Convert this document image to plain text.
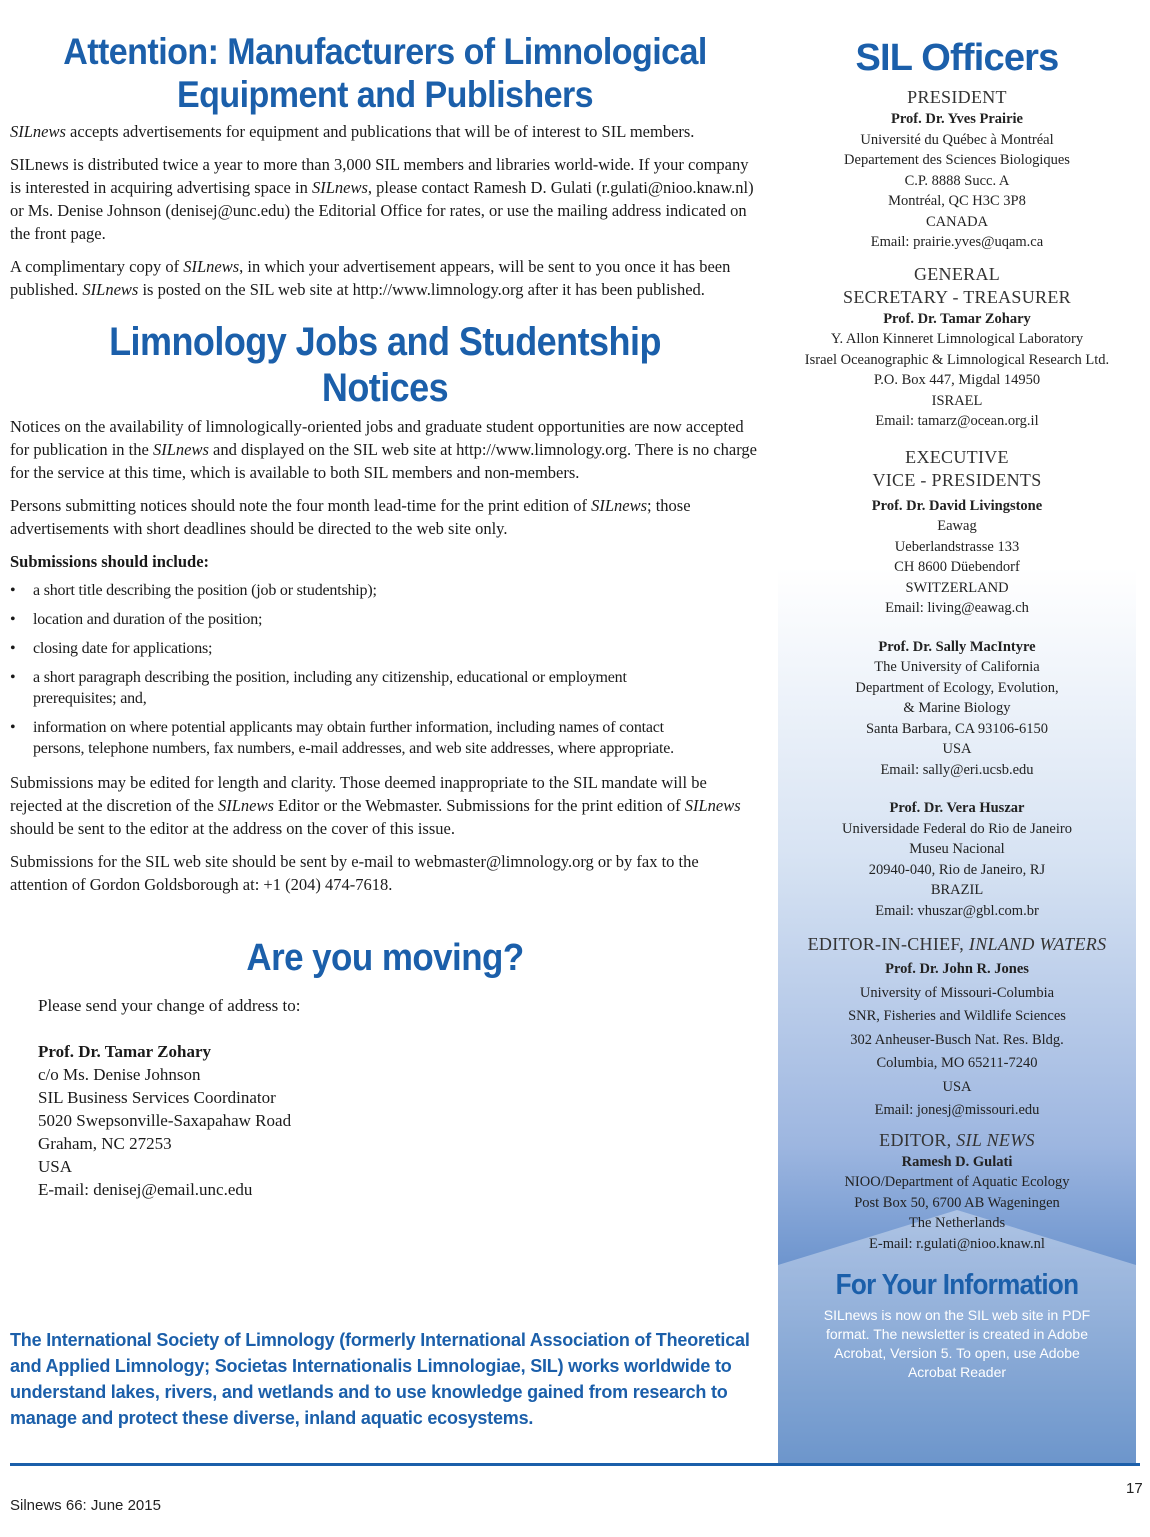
Attention: Manufacturers of Limnological
Equipment and Publishers

SILnews accepts advertisements for equipment and publications that will be of interest to SIL members.

SILnews is distributed twice a year to more than 3,000 SIL members and libraries world-wide. If your company is interested in acquiring advertising space in SILnews, please contact Ramesh D. Gulati (r.gulati@nioo.knaw.nl) or Ms. Denise Johnson (denisej@unc.edu) the Editorial Office for rates, or use the mailing address indicated on the front page.

A complimentary copy of SILnews, in which your advertisement appears, will be sent to you once it has been published. SILnews is posted on the SIL web site at http://www.limnology.org after it has been published.

Limnology Jobs and Studentship Notices

Notices on the availability of limnologically-oriented jobs and graduate student opportunities are now accepted for publication in the SILnews and displayed on the SIL web site at http://www.limnology.org. There is no charge for the service at this time, which is available to both SIL members and non-members.

Persons submitting notices should note the four month lead-time for the print edition of SILnews; those advertisements with short deadlines should be directed to the web site only.

Submissions should include:
• a short title describing the position (job or studentship);
• location and duration of the position;
• closing date for applications;
• a short paragraph describing the position, including any citizenship, educational or employment prerequisites; and,
• information on where potential applicants may obtain further information, including names of contact persons, telephone numbers, fax numbers, e-mail addresses, and web site addresses, where appropriate.

Submissions may be edited for length and clarity. Those deemed inappropriate to the SIL mandate will be rejected at the discretion of the SILnews Editor or the Webmaster. Submissions for the print edition of SILnews should be sent to the editor at the address on the cover of this issue.

Submissions for the SIL web site should be sent by e-mail to webmaster@limnology.org or by fax to the attention of Gordon Goldsborough at: +1 (204) 474-7618.

Are you moving?
Please send your change of address to:
Prof. Dr. Tamar Zohary
c/o Ms. Denise Johnson
SIL Business Services Coordinator
5020 Swepsonville-Saxapahaw Road
Graham, NC 27253
USA
E-mail: denisej@email.unc.edu
The International Society of Limnology (formerly International Association of Theoretical and Applied Limnology; Societas Internationalis Limnologiae, SIL) works worldwide to understand lakes, rivers, and wetlands and to use knowledge gained from research to manage and protect these diverse, inland aquatic ecosystems.
SIL Officers
PRESIDENT
Prof. Dr. Yves Prairie
Université du Québec à Montréal
Departement des Sciences Biologiques
C.P. 8888 Succ. A
Montréal, QC H3C 3P8
CANADA
Email: prairie.yves@uqam.ca
GENERAL
SECRETARY - TREASURER
Prof. Dr. Tamar Zohary
Y. Allon Kinneret Limnological Laboratory
Israel Oceanographic & Limnological Research Ltd.
P.O. Box 447, Migdal 14950
ISRAEL
Email: tamarz@ocean.org.il
EXECUTIVE
VICE - PRESIDENTS
Prof. Dr. David Livingstone
Eawag
Ueberlandstrasse 133
CH 8600 Düebendorf
SWITZERLAND
Email: living@eawag.ch
Prof. Dr. Sally MacIntyre
The University of California
Department of Ecology, Evolution,
& Marine Biology
Santa Barbara, CA 93106-6150
USA
Email: sally@eri.ucsb.edu
Prof. Dr. Vera Huszar
Universidade Federal do Rio de Janeiro
Museu Nacional
20940-040, Rio de Janeiro, RJ
BRAZIL
Email: vhuszar@gbl.com.br
EDITOR-IN-CHIEF, INLAND WATERS
Prof. Dr. John R. Jones
University of Missouri-Columbia
SNR, Fisheries and Wildlife Sciences
302 Anheuser-Busch Nat. Res. Bldg.
Columbia, MO 65211-7240
USA
Email: jonesj@missouri.edu
EDITOR, SIL NEWS
Ramesh D. Gulati
NIOO/Department of Aquatic Ecology
Post Box 50, 6700 AB Wageningen
The Netherlands
E-mail: r.gulati@nioo.knaw.nl
For Your Information
SILnews is now on the SIL web site in PDF format. The newsletter is created in Adobe Acrobat, Version 5. To open, use Adobe Acrobat Reader
Silnews 66: June 2015
17
